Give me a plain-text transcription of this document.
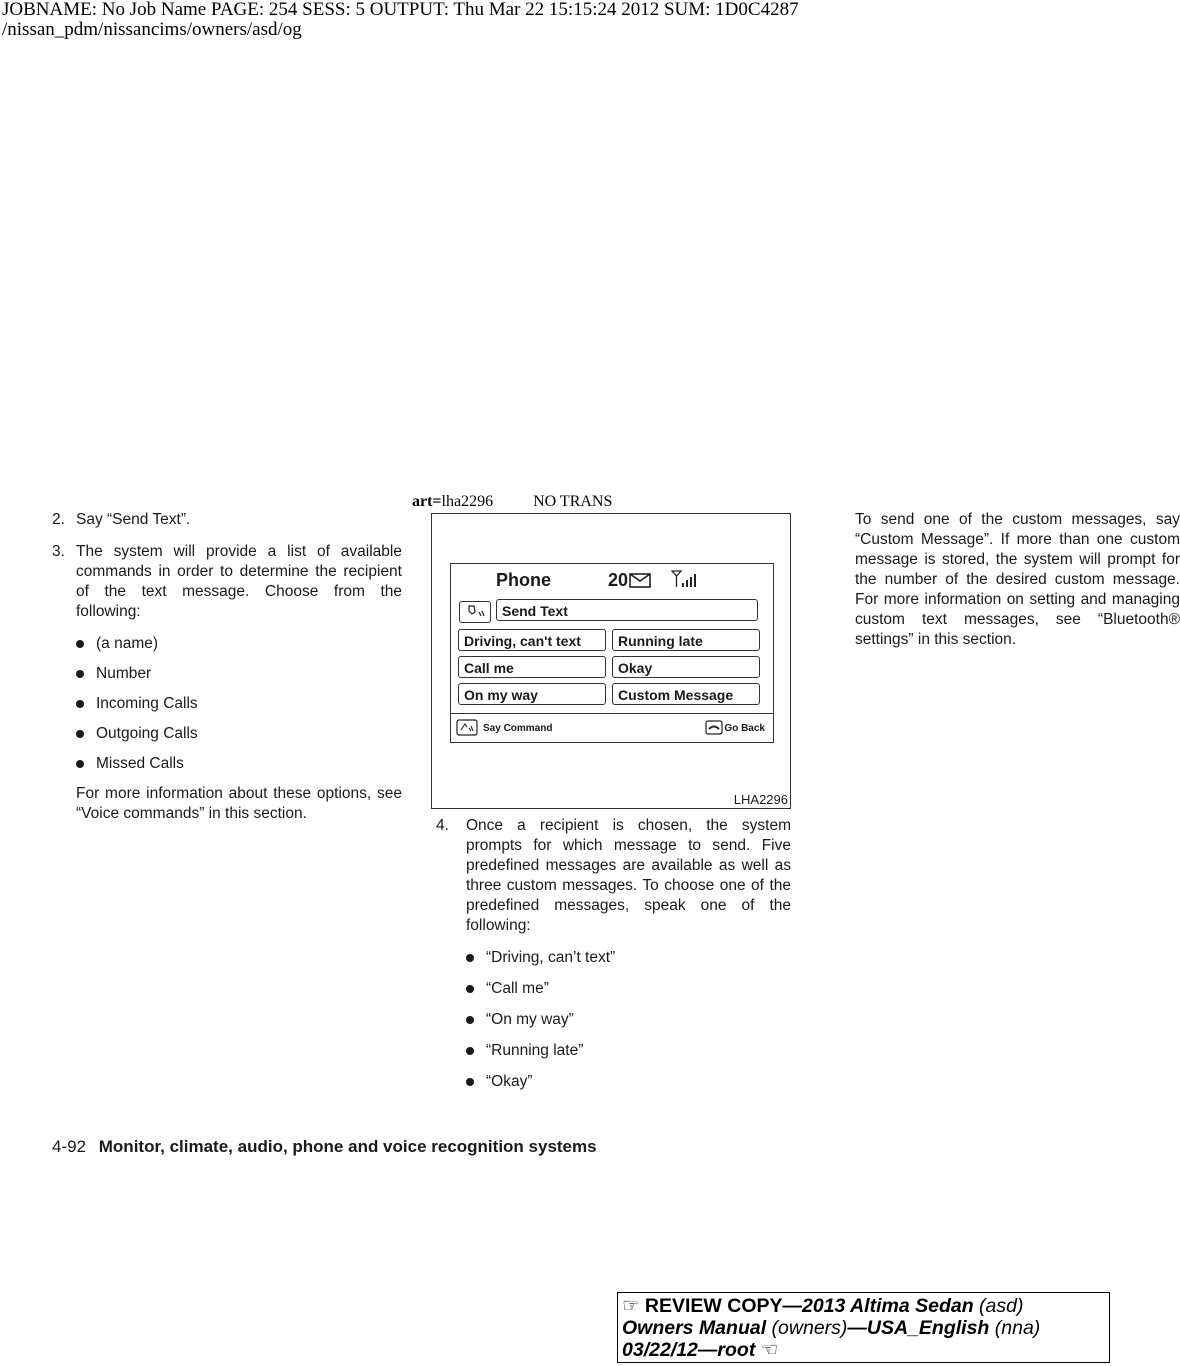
JOBNAME: No Job Name PAGE: 254 SESS: 5 OUTPUT: Thu Mar 22 15:15:24 2012 SUM: 1D0C4287
/nissan_pdm/nissancims/owners/asd/og
2. Say “Send Text”.
3. The system will provide a list of available commands in order to determine the recipient of the text message. Choose from the following:
(a name)
Number
Incoming Calls
Outgoing Calls
Missed Calls
For more information about these options, see “Voice commands” in this section.
art=lha2296	NO TRANS
Phone	20
Send Text
Driving, can't text	Running late
Call me	Okay
On my way	Custom Message
Say Command	Go Back
LHA2296
4. Once a recipient is chosen, the system prompts for which message to send. Five predefined messages are available as well as three custom messages. To choose one of the predefined messages, speak one of the following:
“Driving, can’t text”
“Call me”
“On my way”
“Running late”
“Okay”
To send one of the custom messages, say “Custom Message”. If more than one custom message is stored, the system will prompt for the number of the desired custom message. For more information on setting and managing custom text messages, see “Bluetooth® settings” in this section.
4-92 Monitor, climate, audio, phone and voice recognition systems
☞ REVIEW COPY—2013 Altima Sedan (asd)
Owners Manual (owners)—USA_English (nna)
03/22/12—root ☜
